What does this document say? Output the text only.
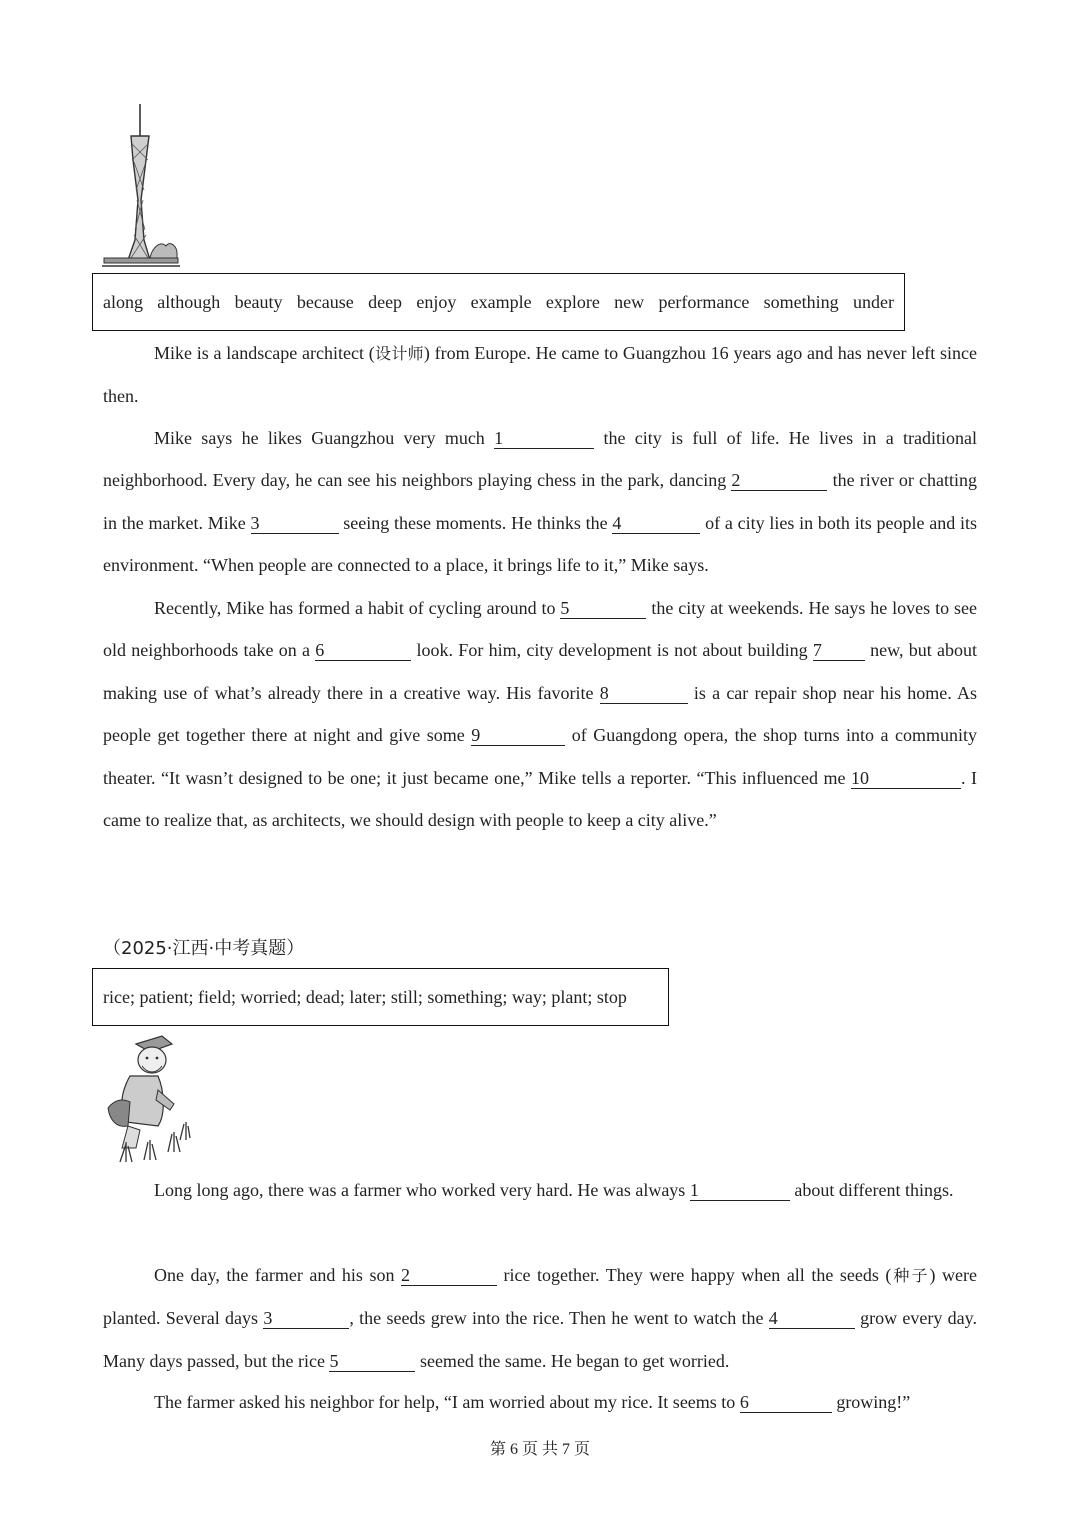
along although beauty because deep enjoy example explore new performance something under

Mike is a landscape architect (设计师) from Europe. He came to Guangzhou 16 years ago and has never left since then.

Mike says he likes Guangzhou very much 1	the city is full of life. He lives in a traditional neighborhood. Every day, he can see his neighbors playing chess in the park, dancing 2	the river or chatting in the market. Mike 3	seeing these moments. He thinks the 4	of a city lies in both its people and its environment. “When people are connected to a place, it brings life to it,” Mike says.

Recently, Mike has formed a habit of cycling around to 5	the city at weekends. He says he loves to see old neighborhoods take on a 6	look. For him, city development is not about building 7 new, but about making use of what’s already there in a creative way. His favorite 8	is a car repair shop near his home. As people get together there at night and give some 9	of Guangdong opera, the shop turns into a community theater. “It wasn’t designed to be one; it just became one,” Mike tells a reporter. “This influenced me 10	. I came to realize that, as architects, we should design with people to keep a city alive.”

（2025·江西·中考真题）
rice; patient; field; worried; dead; later; still; something; way; plant; stop

Long long ago, there was a farmer who worked very hard. He was always 1	about different things.

One day, the farmer and his son 2	rice together. They were happy when all the seeds (种子) were planted. Several days 3	, the seeds grew into the rice. Then he went to watch the 4	grow every day. Many days passed, but the rice 5	seemed the same. He began to get worried.

The farmer asked his neighbor for help, “I am worried about my rice. It seems to 6	growing!”

第 6 页 共 7 页
